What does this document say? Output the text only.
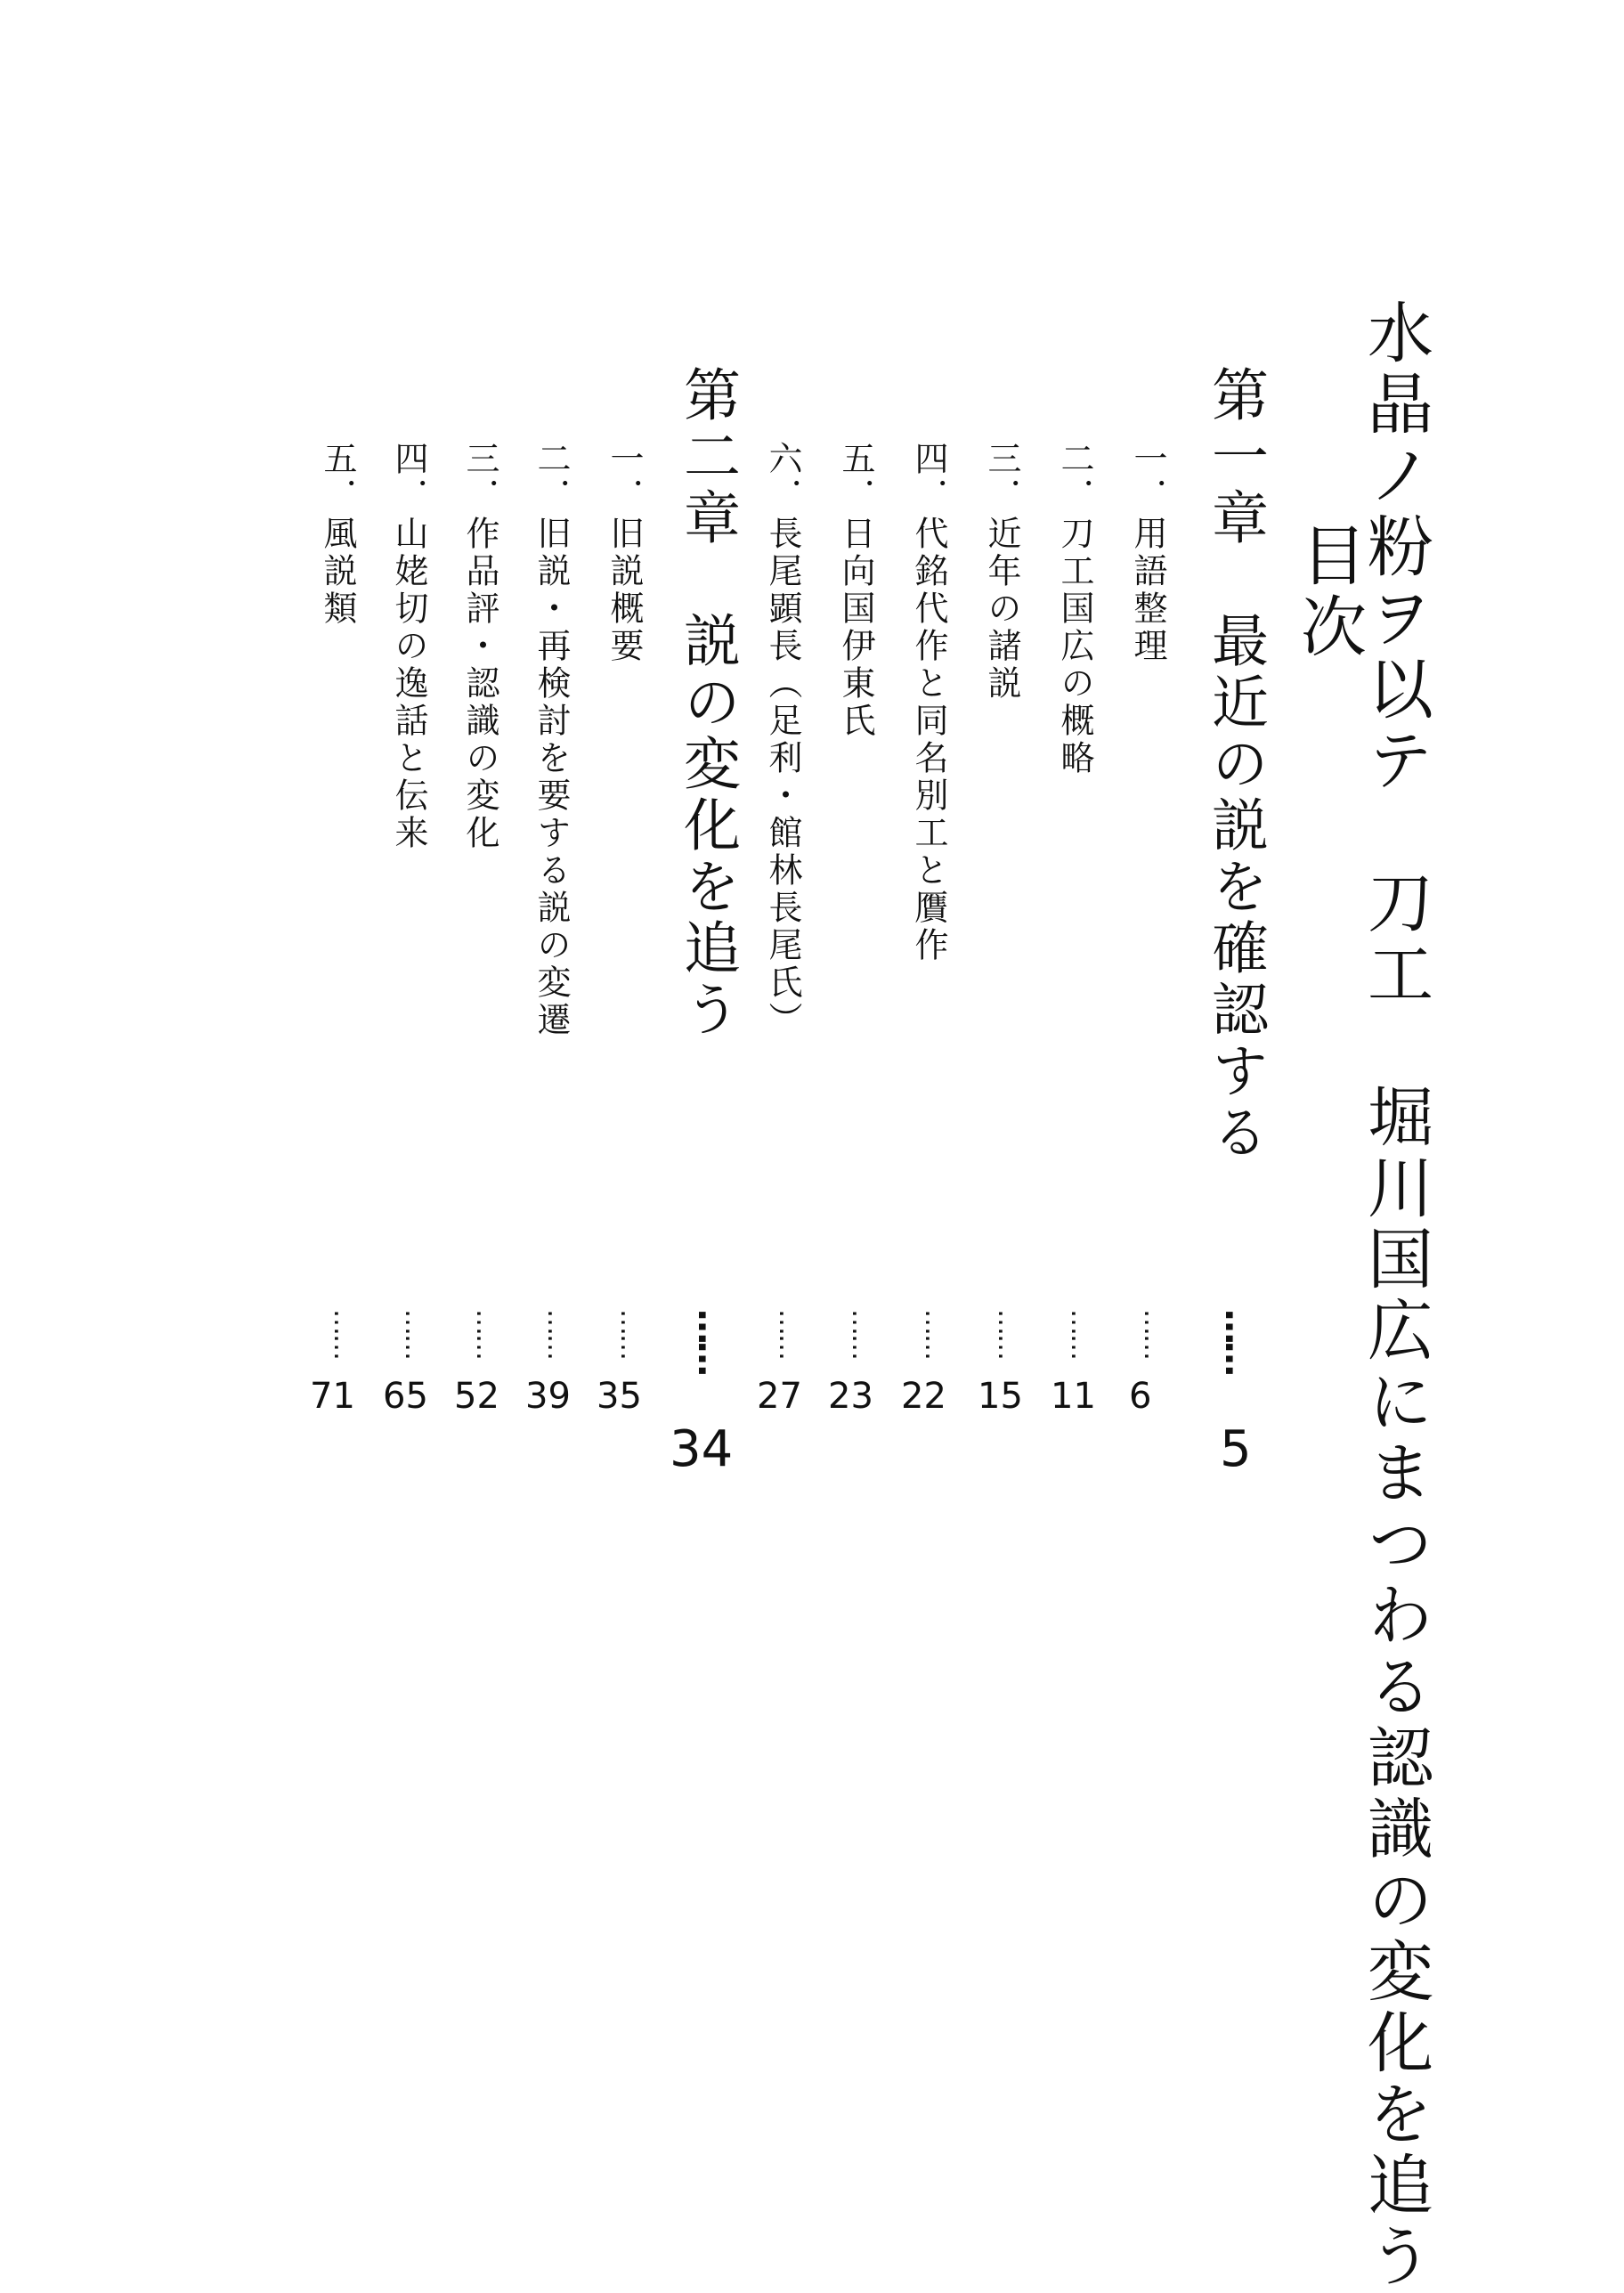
水晶ノ粉ヲ以テ　刀工　堀川国広にまつわる認識の変化を追う
目次
第一章　最近の説を確認する
……
5
一．用語整理
……
6
二．刀工国広の概略
……
11
三．近年の諸説
……
15
四．代銘代作と同名別工と贋作
……
22
五．日向国伊東氏
……
23
六．長尾顕長（足利・館林長尾氏）
……
27
第二章　説の変化を追う
……
34
一．旧説概要
……
35
二．旧説・再検討を要する説の変遷
……
39
三．作品評・認識の変化
……
52
四．山姥切の逸話と伝来
……
65
五．風説類
……
71
